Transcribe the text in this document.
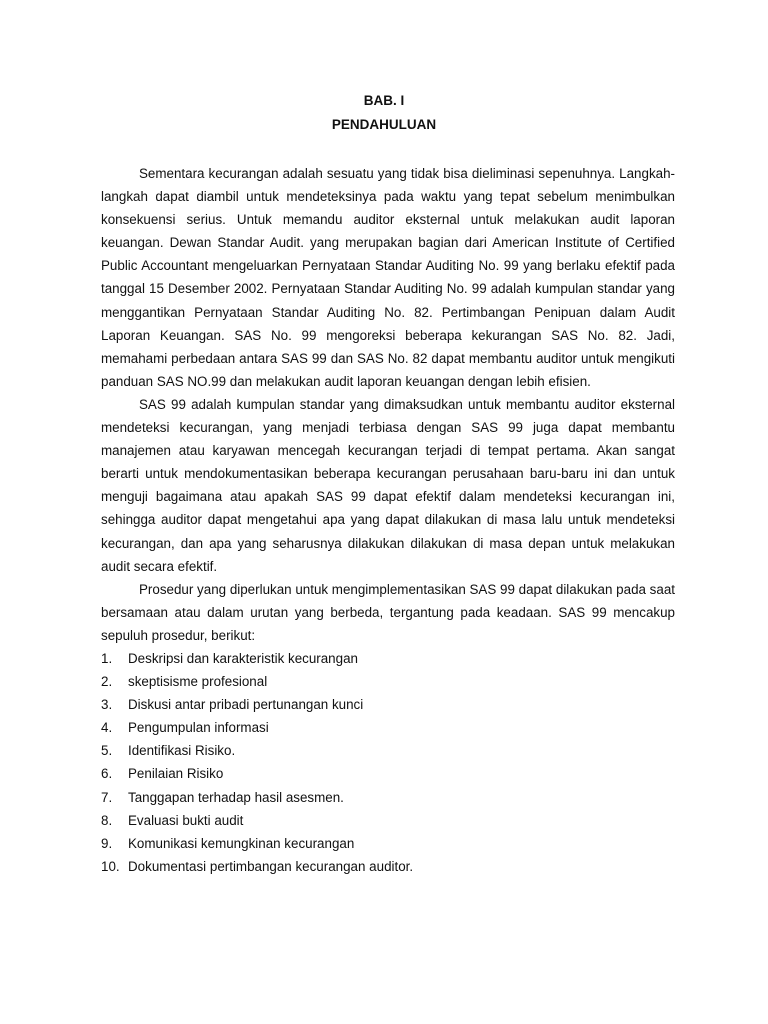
BAB. I
PENDAHULUAN

Sementara kecurangan adalah sesuatu yang tidak bisa dieliminasi sepenuhnya. Langkah-langkah dapat diambil untuk mendeteksinya pada waktu yang tepat sebelum menimbulkan konsekuensi serius. Untuk memandu auditor eksternal untuk melakukan audit laporan keuangan. Dewan Standar Audit. yang merupakan bagian dari American Institute of Certified Public Accountant mengeluarkan Pernyataan Standar Auditing No. 99 yang berlaku efektif pada tanggal 15 Desember 2002. Pernyataan Standar Auditing No. 99 adalah kumpulan standar yang menggantikan Pernyataan Standar Auditing No. 82. Pertimbangan Penipuan dalam Audit Laporan Keuangan. SAS No. 99 mengoreksi beberapa kekurangan SAS No. 82. Jadi, memahami perbedaan antara SAS 99 dan SAS No. 82 dapat membantu auditor untuk mengikuti panduan SAS NO.99 dan melakukan audit laporan keuangan dengan lebih efisien.

SAS 99 adalah kumpulan standar yang dimaksudkan untuk membantu auditor eksternal mendeteksi kecurangan, yang menjadi terbiasa dengan SAS 99 juga dapat membantu manajemen atau karyawan mencegah kecurangan terjadi di tempat pertama. Akan sangat berarti untuk mendokumentasikan beberapa kecurangan perusahaan baru-baru ini dan untuk menguji bagaimana atau apakah SAS 99 dapat efektif dalam mendeteksi kecurangan ini, sehingga auditor dapat mengetahui apa yang dapat dilakukan di masa lalu untuk mendeteksi kecurangan, dan apa yang seharusnya dilakukan dilakukan di masa depan untuk melakukan audit secara efektif.

Prosedur yang diperlukan untuk mengimplementasikan SAS 99 dapat dilakukan pada saat bersamaan atau dalam urutan yang berbeda, tergantung pada keadaan. SAS 99 mencakup sepuluh prosedur, berikut:

1. Deskripsi dan karakteristik kecurangan
2. skeptisisme profesional
3. Diskusi antar pribadi pertunangan kunci
4. Pengumpulan informasi
5. Identifikasi Risiko.
6. Penilaian Risiko
7. Tanggapan terhadap hasil asesmen.
8. Evaluasi bukti audit
9. Komunikasi kemungkinan kecurangan
10. Dokumentasi pertimbangan kecurangan auditor.
